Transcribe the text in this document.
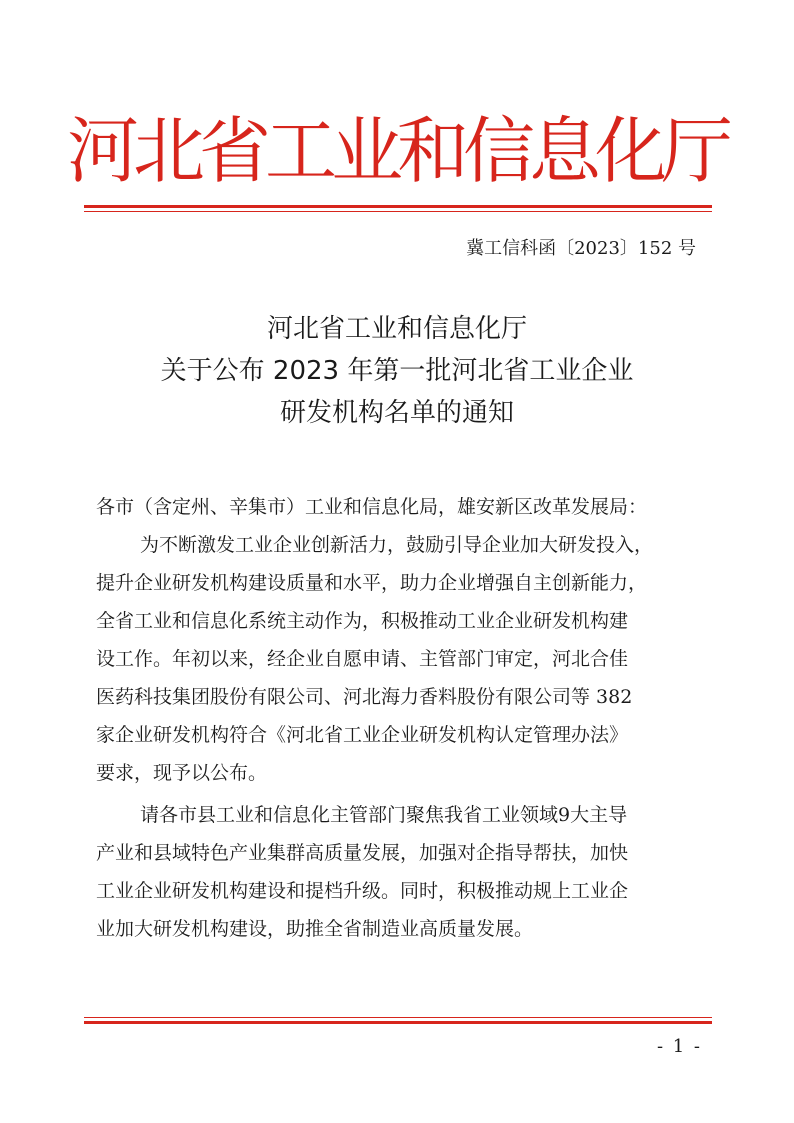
河北省工业和信息化厅
冀工信科函〔2023〕152 号
河北省工业和信息化厅
关于公布 2023 年第一批河北省工业企业
研发机构名单的通知
各市（含定州、辛集市）工业和信息化局，雄安新区改革发展局：
为不断激发工业企业创新活力，鼓励引导企业加大研发投入，
提升企业研发机构建设质量和水平，助力企业增强自主创新能力，
全省工业和信息化系统主动作为，积极推动工业企业研发机构建
设工作。年初以来，经企业自愿申请、主管部门审定，河北合佳
医药科技集团股份有限公司、河北海力香料股份有限公司等 382
家企业研发机构符合《河北省工业企业研发机构认定管理办法》
要求，现予以公布。
请各市县工业和信息化主管部门聚焦我省工业领域9大主导
产业和县域特色产业集群高质量发展，加强对企指导帮扶，加快
工业企业研发机构建设和提档升级。同时，积极推动规上工业企
业加大研发机构建设，助推全省制造业高质量发展。
- 1 -
